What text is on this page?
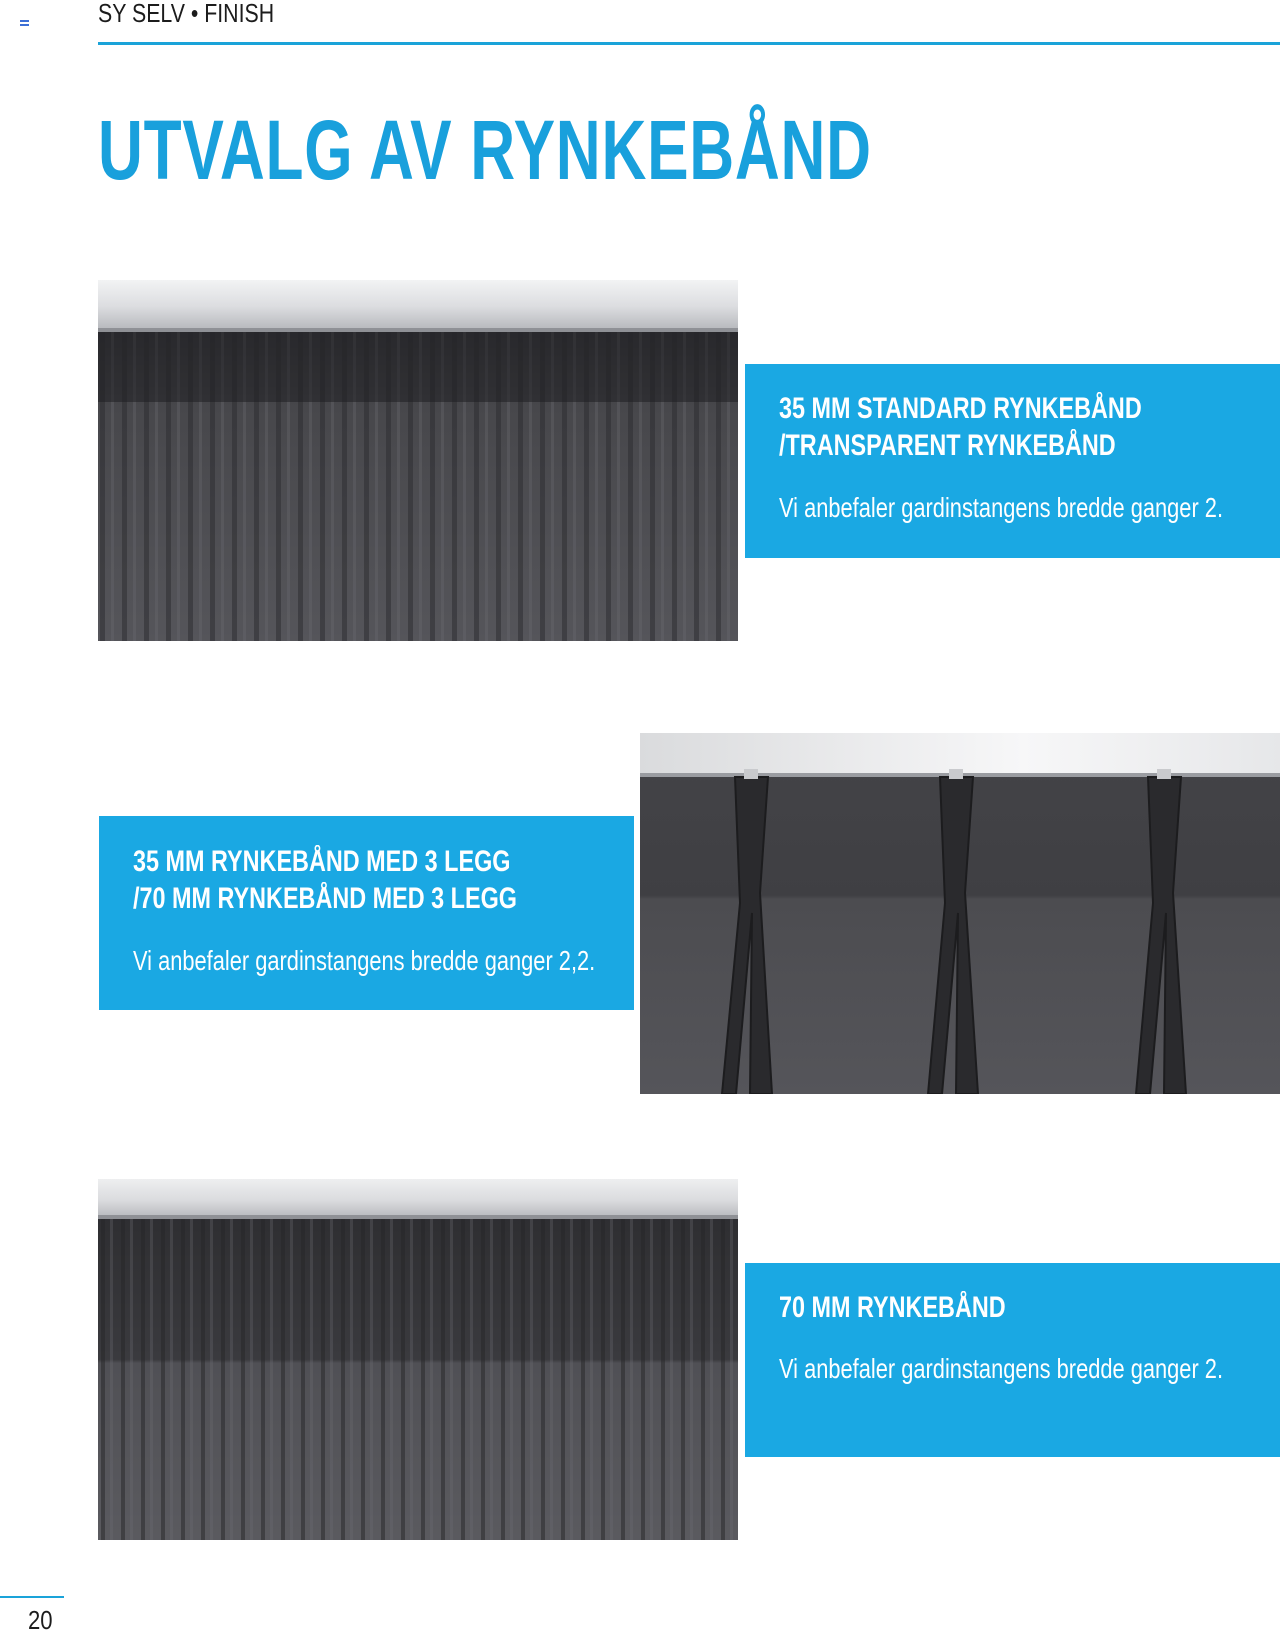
SY SELV • FINISH
UTVALG AV RYNKEBÅND
35 MM STANDARD RYNKEBÅND
/TRANSPARENT RYNKEBÅND
Vi anbefaler gardinstangens bredde ganger 2.
35 MM RYNKEBÅND MED 3 LEGG
/70 MM RYNKEBÅND MED 3 LEGG
Vi anbefaler gardinstangens bredde ganger 2,2.
70 MM RYNKEBÅND
Vi anbefaler gardinstangens bredde ganger 2.
20
